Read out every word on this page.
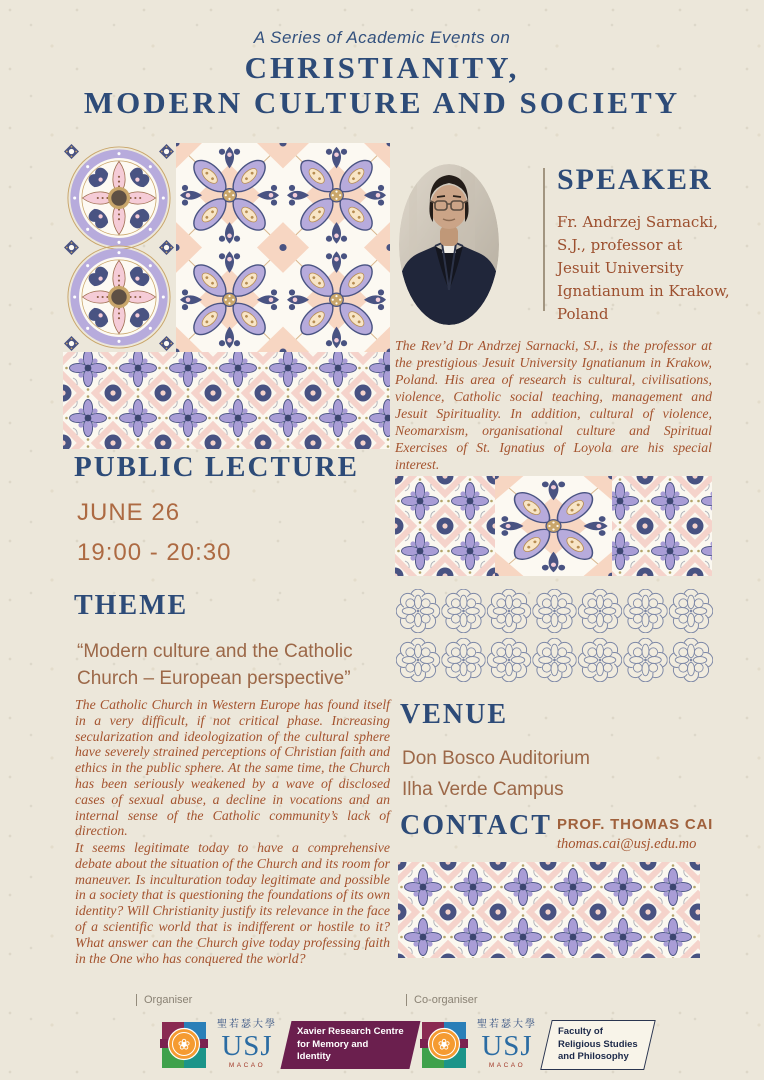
A Series of Academic Events on
CHRISTIANITY,
MODERN CULTURE AND SOCIETY
SPEAKER
Fr. Andrzej Sarnacki,
S.J., professor at
Jesuit University
Ignatianum in Krakow,
Poland
The Rev’d Dr Andrzej Sarnacki, SJ., is the professor at the prestigious Jesuit University Ignatianum in Krakow, Poland. His area of research is cultural, civilisations, violence, Catholic social teaching, management and Jesuit Spirituality. In addition, cultural of violence, Neomarxism, organisational culture and Spiritual Exercises of St. Ignatius of Loyola are his special interest.
PUBLIC LECTURE
JUNE 26
19:00 - 20:30
THEME
“Modern culture and the Catholic Church – European perspective”
The Catholic Church in Western Europe has found itself in a very difficult, if not critical phase. Increasing secularization and ideologization of the cultural sphere have severely strained perceptions of Christian faith and ethics in the public sphere. At the same time, the Church has been seriously weakened by a wave of disclosed cases of sexual abuse, a decline in vocations and an internal sense of the Catholic community’s lack of direction.
It seems legitimate today to have a comprehensive debate about the situation of the Church and its room for maneuver. Is inculturation today legitimate and possible in a society that is questioning the foundations of its own identity? Will Christianity justify its relevance in the face of a scientific world that is indifferent or hostile to it? What answer can the Church give today professing faith in the One who has conquered the world?
VENUE
Don Bosco Auditorium
Ilha Verde Campus
CONTACT PROF. THOMAS CAI
thomas.cai@usj.edu.mo
Organiser
聖若瑟大學
USJ
MACAO
Xavier Research Centre
for Memory and
Identity
Co-organiser
聖若瑟大學
USJ
MACAO
Faculty of
Religious Studies
and Philosophy
